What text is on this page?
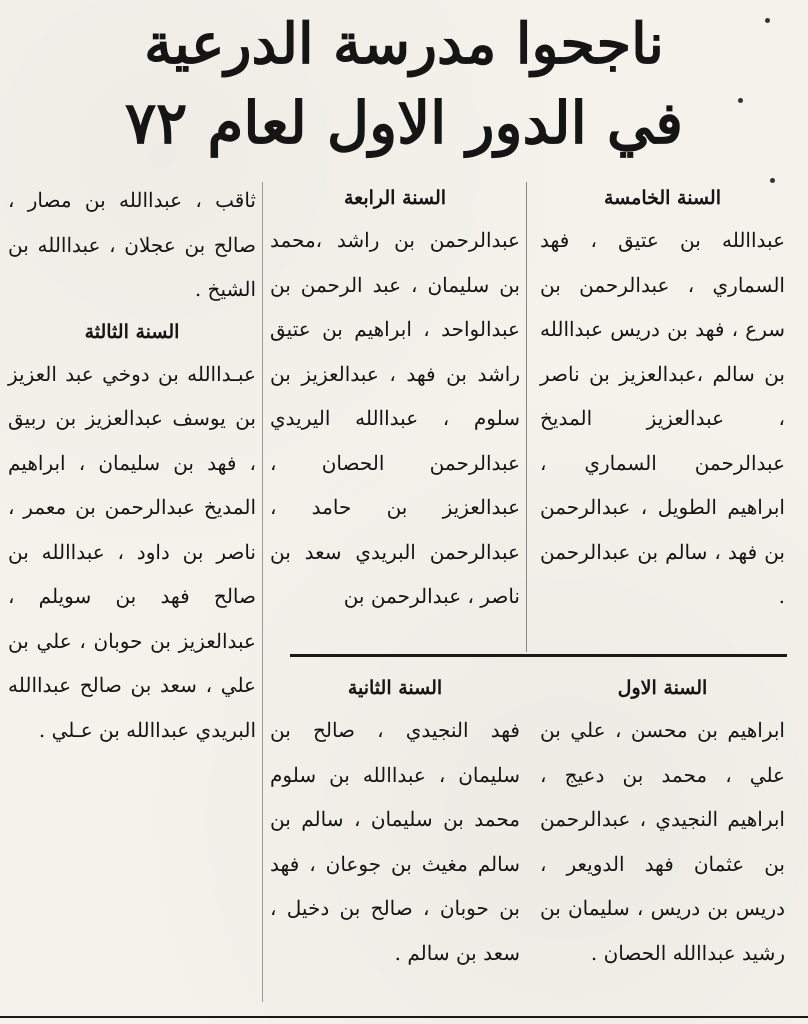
ناجحوا مدرسة الدرعية
في الدور الاول لعام ٧٢
السنة الخامسة
عبداالله بن عتيق ، فهد السماري ، عبدالرحمن بن سرع ، فهد بن دريس عبداالله بن سالم ،عبدالعزيز بن ناصر ، عبدالعزيز المديخ عبدالرحمن السماري ، ابراهيم الطويل ، عبدالرحمن بن فهد ، سالم بن عبدالرحمن .
السنة الرابعة
عبدالرحمن بن راشد ،محمد بن سليمان ، عبد الرحمن بن عبدالواحد ، ابراهيم بن عتيق راشد بن فهد ، عبدالعزيز بن سلوم ، عبداالله اليريدي عبدالرحمن الحصان ، عبدالعزيز بن حامد ، عبدالرحمن البريدي سعد بن ناصر ، عبدالرحمن بن
ثاقب ، عبداالله بن مصار ، صالح بن عجلان ، عبداالله بن الشيخ .
السنة الثالثة
عبـداالله بن دوخي عبد العزيز بن يوسف عبدالعزيز بن ربيق ، فهد بن سليمان ، ابراهيم المديخ عبدالرحمن بن معمر ، ناصر بن داود ، عبداالله بن صالح فهد بن سويلم ، عبدالعزيز بن حوبان ، علي بن علي ، سعد بن صالح عبداالله البريدي عبداالله بن عـلي .
السنة الاول
ابراهيم بن محسن ، علي بن علي ، محمد بن دعيج ، ابراهيم النجيدي ، عبدالرحمن بن عثمان فهد الدويعر ، دريس بن دريس ، سليمان بن رشيد عبداالله الحصان .
السنة الثانية
فهد النجيدي ، صالح بن سليمان ، عبداالله بن سلوم محمد بن سليمان ، سالم بن سالم مغيث بن جوعان ، فهد بن حوبان ، صالح بن دخيل ، سعد بن سالم .
